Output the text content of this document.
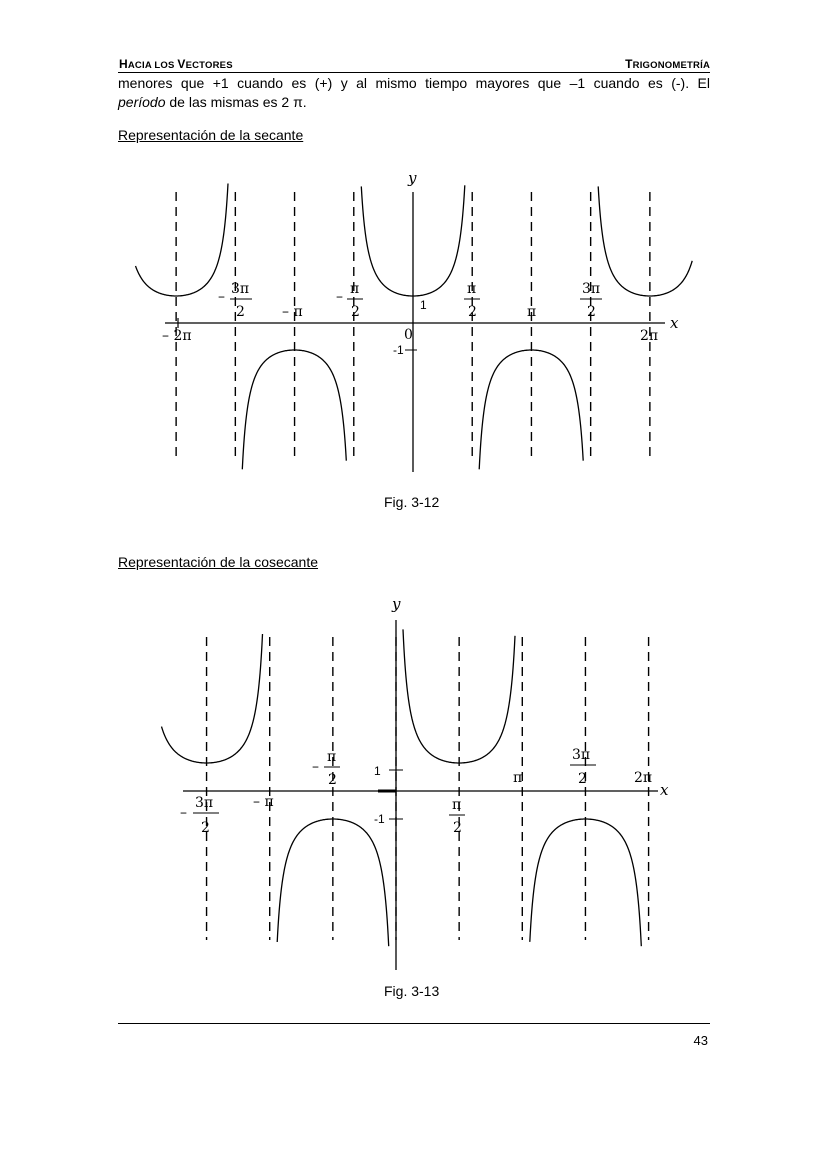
HACIA LOS VECTORES	TRIGONOMETRÍA
menores que +1 cuando es (+) y al mismo tiempo mayores que –1 cuando es (-). El
período de las mismas es 2 π.
Representación de la secante
y
x
0
1
-1
– 2π
– 3π
2	– π
– π
2
π
2	π
3π
2
2π
Fig. 3-12
Representación de la cosecante
y
x
1
-1
–
3π
2
– π
–
π
2
π
2
π
3π
2	2π
Fig. 3-13
43
